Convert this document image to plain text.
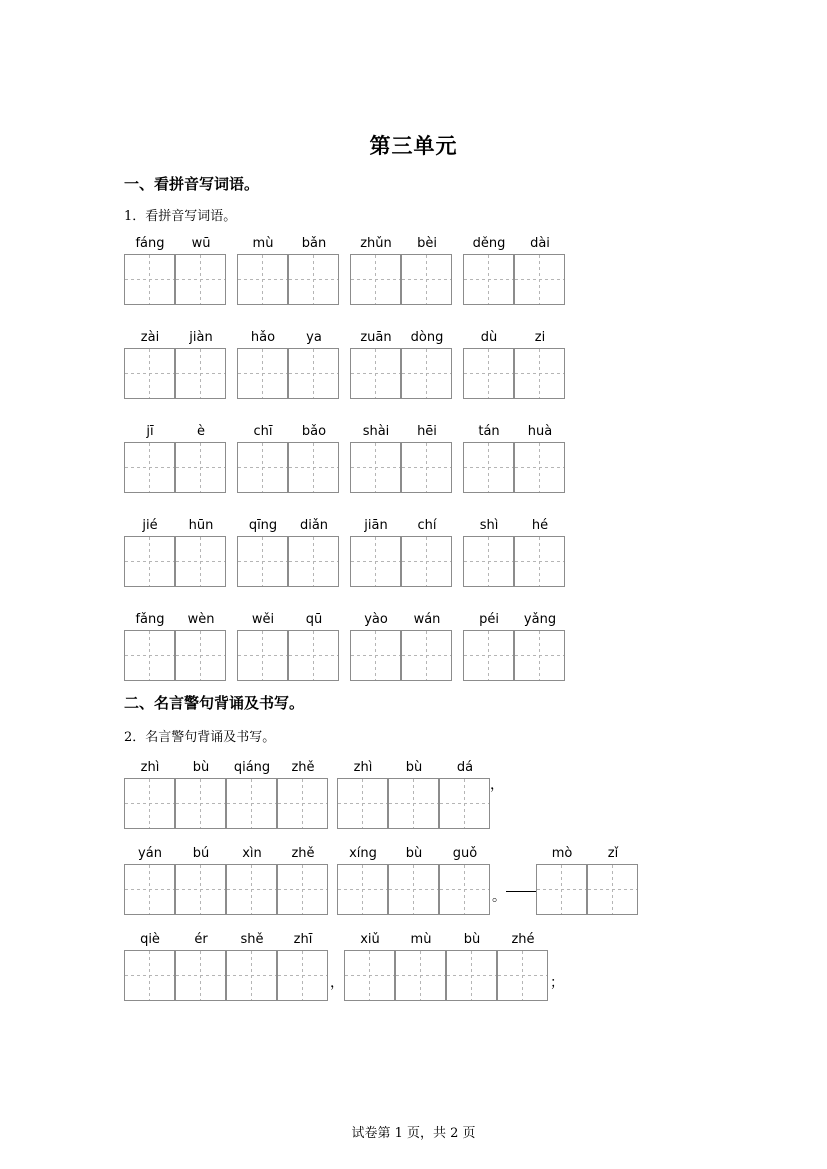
第三单元
一、看拼音写词语。
1．看拼音写词语。
fáng	wū	mù	bǎn	zhǔn	bèi	děng	dài
zài	jiàn	hǎo	ya	zuān	dòng	dù	zi
jī	è	chī	bǎo	shài	hēi	tán	huà
jié	hūn	qīng	diǎn	jiān	chí	shì	hé
fǎng	wèn	wěi	qū	yào	wán	péi	yǎng
二、名言警句背诵及书写。
2．名言警句背诵及书写。
zhì	bù	qiáng	zhě	zhì	bù	dá
，
yán	bú	xìn	zhě	xíng	bù	guǒ
。
mò	zǐ
qiè	ér	shě	zhī
，
xiǔ	mù	bù	zhé
；
试卷第 1 页，共 2 页
